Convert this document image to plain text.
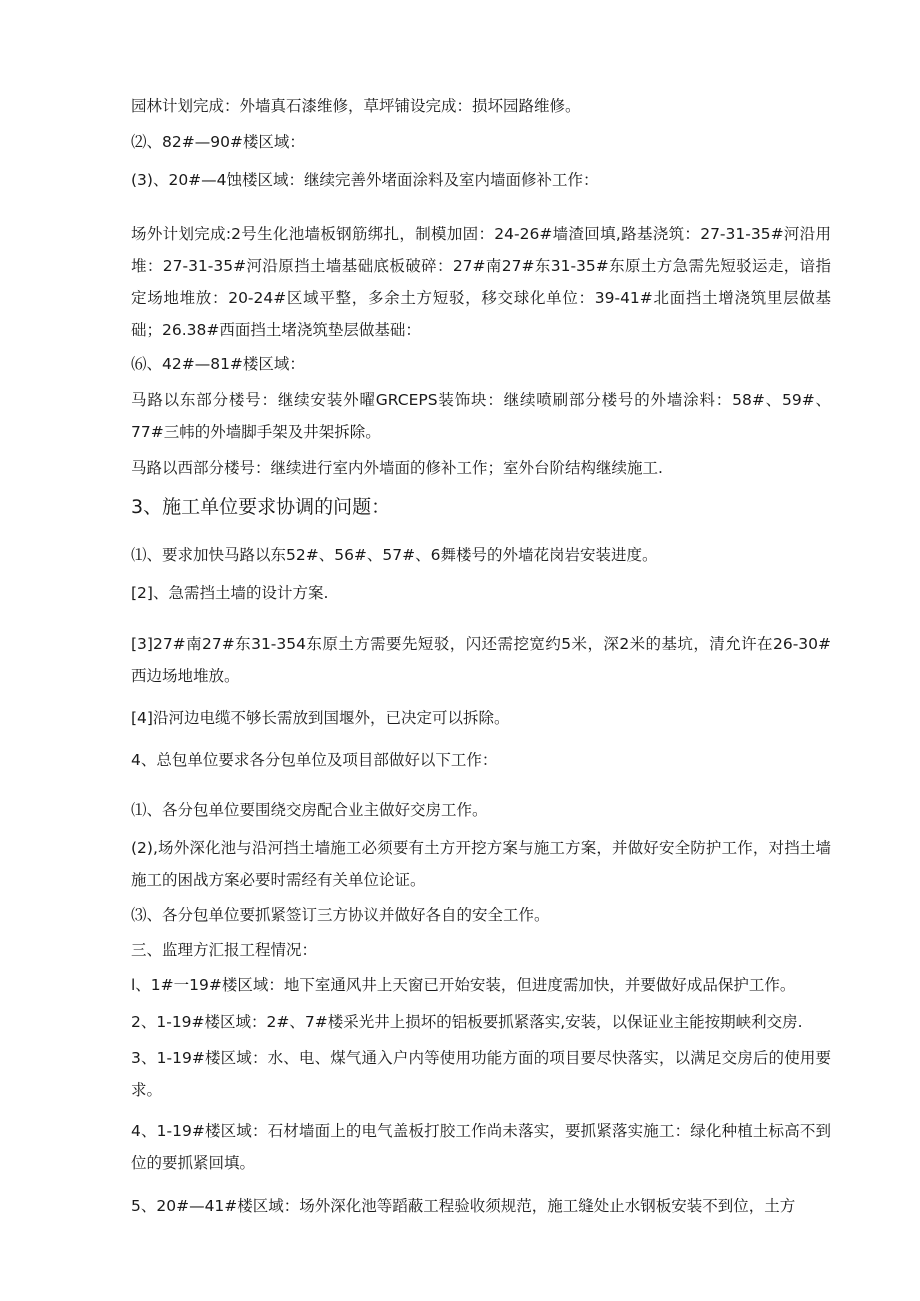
园林计划完成：外墙真石漆维修，草坪铺设完成：损坏园路维修。
⑵、82#—90#楼区域：
(3)、20#—4蚀楼区域：继续完善外堵面涂料及室内墙面修补工作：
场外计划完成:2号生化池墙板钢筋绑扎，制模加固：24-26#墙渣回填,路基浇筑：27-31-35#河沿用堆：27-31-35#河沿原挡土墙基础底板破碎：27#南27#东31-35#东原土方急需先短驳运走，谙指定场地堆放：20-24#区域平整，多余土方短驳，移交球化单位：39-41#北面挡土增浇筑里层做基础；26.38#西面挡土堵浇筑垫层做基础：
⑹、42#—81#楼区域：
马路以东部分楼号：继续安装外曜GRCEPS装饰块：继续喷刷部分楼号的外墙涂料：58#、59#、77#三帏的外墙脚手架及井架拆除。
马路以西部分楼号：继续进行室内外墙面的修补工作；室外台阶结构继续施工.
3、施工单位要求协调的问题：
⑴、要求加快马路以东52#、56#、57#、6舞楼号的外墙花岗岩安装进度。
[2]、急需挡土墙的设计方案.
[3]27#南27#东31-354东原土方需要先短驳，闪还需挖宽约5米，深2米的基坑，清允许在26-30#西边场地堆放。
[4]沿河边电缆不够长需放到国堰外，已决定可以拆除。
4、总包单位要求各分包单位及项目部做好以下工作：
⑴、各分包单位要围绕交房配合业主做好交房工作。
(2),场外深化池与沿河挡土墙施工必须要有土方开挖方案与施工方案，并做好安全防护工作，对挡土墙施工的困战方案必要时需经有关单位论证。
⑶、各分包单位要抓紧签订三方协议并做好各自的安全工作。
三、监理方汇报工程情况：
l、1#一19#楼区域：地下室通风井上天窗已开始安装，但进度需加快，并要做好成品保护工作。
2、1-19#楼区域：2#、7#楼采光井上损坏的铝板要抓紧落实,安装，以保证业主能按期峡利交房.
3、1-19#楼区域：水、电、煤气通入户内等使用功能方面的项目要尽快落实，以满足交房后的使用要求。
4、1-19#楼区域：石材墙面上的电气盖板打胶工作尚未落实，要抓紧落实施工：绿化种植土标高不到位的要抓紧回填。
5、20#—41#楼区域：场外深化池等蹈蔽工程验收须规范，施工缝处止水钢板安装不到位，土方
